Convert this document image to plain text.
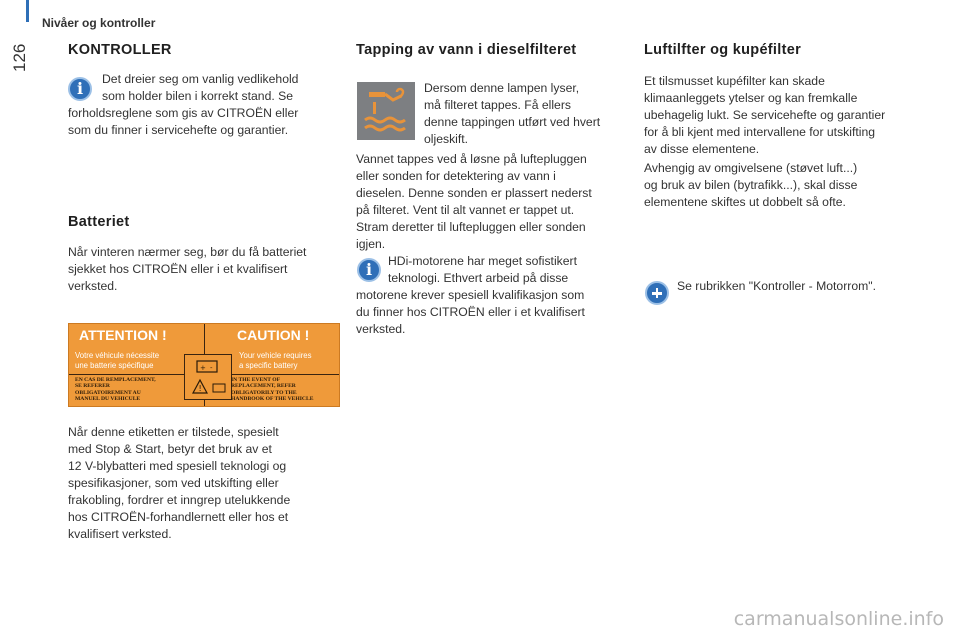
Nivåer og kontroller
126	KONTROLLER
i	Det dreier seg om vanlig vedlikehold
som holder bilen i korrekt stand. Se
forholdsreglene som gis av CITROËN eller
som du finner i servicehefte og garantier.
Batteriet
Når vinteren nærmer seg, bør du få batteriet
sjekket hos CITROËN eller i et kvalifisert
verksted.
ATTENTION !	CAUTION !
Votre véhicule nécessite
une batterie spécifique
Your vehicle requires
a specific battery
+ -
!
EN CAS DE REMPLACEMENT,
SE REFERER
OBLIGATOIREMENT AU
MANUEL DU VEHICULE
IN THE EVENT OF
REPLACEMENT, REFER
OBLIGATORILY TO THE
HANDBOOK OF THE VEHICLE
Når denne etiketten er tilstede, spesielt
med Stop & Start, betyr det bruk av et
12 V-blybatteri med spesiell teknologi og
spesifikasjoner, som ved utskifting eller
frakobling, fordrer et inngrep utelukkende
hos CITROËN-forhandlernett eller hos et
kvalifisert verksted.
Tapping av vann i dieselfilteret
Dersom denne lampen lyser,
må filteret tappes. Få ellers
denne tappingen utført ved hvert
oljeskift.
Vannet tappes ved å løsne på luftepluggen
eller sonden for detektering av vann i
dieselen. Denne sonden er plassert nederst
på filteret. Vent til alt vannet er tappet ut.
Stram deretter til luftepluggen eller sonden
igjen.
i	HDi-motorene har meget sofistikert
teknologi. Ethvert arbeid på disse
motorene krever spesiell kvalifikasjon som
du finner hos CITROËN eller i et kvalifisert
verksted.
Luftilfter og kupéfilter
Et tilsmusset kupéfilter kan skade
klimaanleggets ytelser og kan fremkalle
ubehagelig lukt. Se servicehefte og garantier
for å bli kjent med intervallene for utskifting
av disse elementene.
Avhengig av omgivelsene (støvet luft...)
og bruk av bilen (bytrafikk...), skal disse
elementene skiftes ut dobbelt så ofte.
Se rubrikken "Kontroller - Motorrom".
carmanualsonline.info
